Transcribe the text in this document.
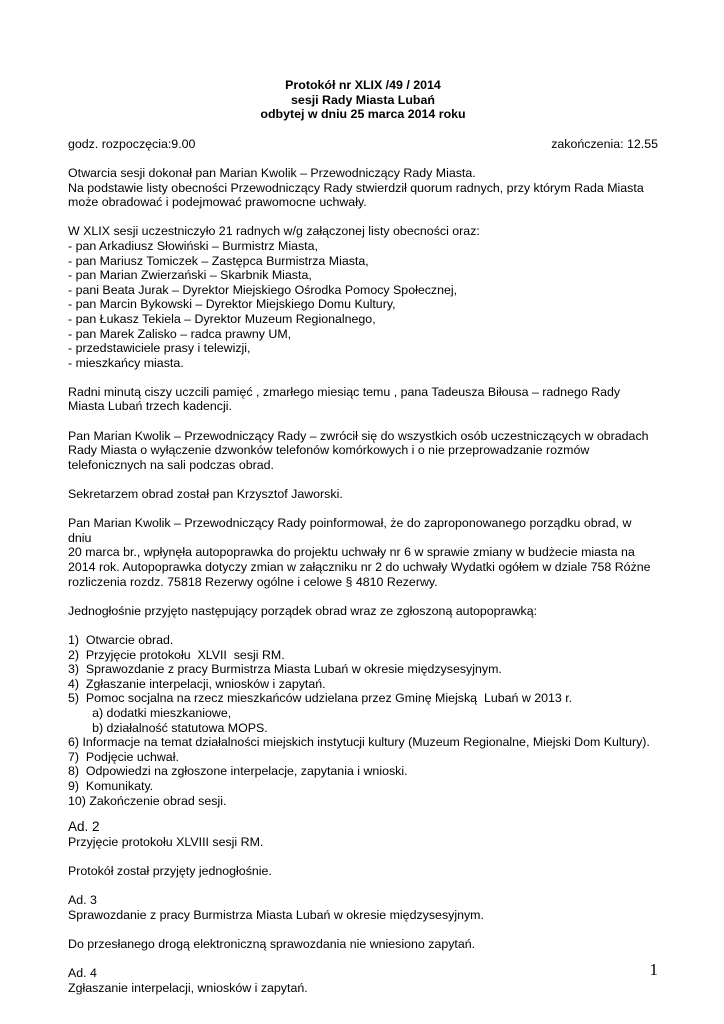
Protokół nr XLIX /49 / 2014
sesji Rady Miasta Lubań
odbytej w dniu 25 marca 2014 roku
godz. rozpoczęcia:9.00	zakończenia: 12.55

Otwarcia sesji dokonał pan Marian Kwolik – Przewodniczący Rady Miasta.

Na podstawie listy obecności Przewodniczący Rady stwierdził quorum radnych, przy którym Rada Miasta

może obradować i podejmować prawomocne uchwały.

W XLIX sesji uczestniczyło 21 radnych w/g załączonej listy obecności oraz:

- pan Arkadiusz Słowiński – Burmistrz Miasta,

- pan Mariusz Tomiczek – Zastępca Burmistrza Miasta,

- pan Marian Zwierzański – Skarbnik Miasta,

- pani Beata Jurak – Dyrektor Miejskiego Ośrodka Pomocy Społecznej,

- pan Marcin Bykowski – Dyrektor Miejskiego Domu Kultury,

- pan Łukasz Tekiela – Dyrektor Muzeum Regionalnego,

- pan Marek Zalisko – radca prawny UM,

- przedstawiciele prasy i telewizji,

- mieszkańcy miasta.

Radni minutą ciszy uczcili pamięć , zmarłego miesiąc temu , pana Tadeusza Biłousa – radnego Rady

Miasta Lubań trzech kadencji.

Pan Marian Kwolik – Przewodniczący Rady – zwrócił się do wszystkich osób uczestniczących w obradach

Rady Miasta o wyłączenie dzwonków telefonów komórkowych i o nie przeprowadzanie rozmów

telefonicznych na sali podczas obrad.

Sekretarzem obrad został pan Krzysztof Jaworski.

Pan Marian Kwolik – Przewodniczący Rady poinformował, że do zaproponowanego porządku obrad, w dniu

20 marca br., wpłynęła autopoprawka do projektu uchwały nr 6 w sprawie zmiany w budżecie miasta na

2014 rok. Autopoprawka dotyczy zmian w załączniku nr 2 do uchwały Wydatki ogółem w dziale 758 Różne

rozliczenia rozdz. 75818 Rezerwy ogólne i celowe § 4810 Rezerwy.

Jednogłośnie przyjęto następujący porządek obrad wraz ze zgłoszoną autopoprawką:

1)  Otwarcie obrad.

2)  Przyjęcie protokołu  XLVII  sesji RM.

3)  Sprawozdanie z pracy Burmistrza Miasta Lubań w okresie międzysesyjnym.

4)  Zgłaszanie interpelacji, wniosków i zapytań.

5)  Pomoc socjalna na rzecz mieszkańców udzielana przez Gminę Miejską  Lubań w 2013 r.

a) dodatki mieszkaniowe,

b) działalność statutowa MOPS.

6) Informacje na temat działalności miejskich instytucji kultury (Muzeum Regionalne, Miejski Dom Kultury).

7)  Podjęcie uchwał.

8)  Odpowiedzi na zgłoszone interpelacje, zapytania i wnioski.

9)  Komunikaty.

10) Zakończenie obrad sesji.

Ad. 2

Przyjęcie protokołu XLVIII sesji RM.

Protokół został przyjęty jednogłośnie.

Ad. 3

Sprawozdanie z pracy Burmistrza Miasta Lubań w okresie międzysesyjnym.

Do przesłanego drogą elektroniczną sprawozdania nie wniesiono zapytań.

Ad. 4

Zgłaszanie interpelacji, wniosków i zapytań.

1
